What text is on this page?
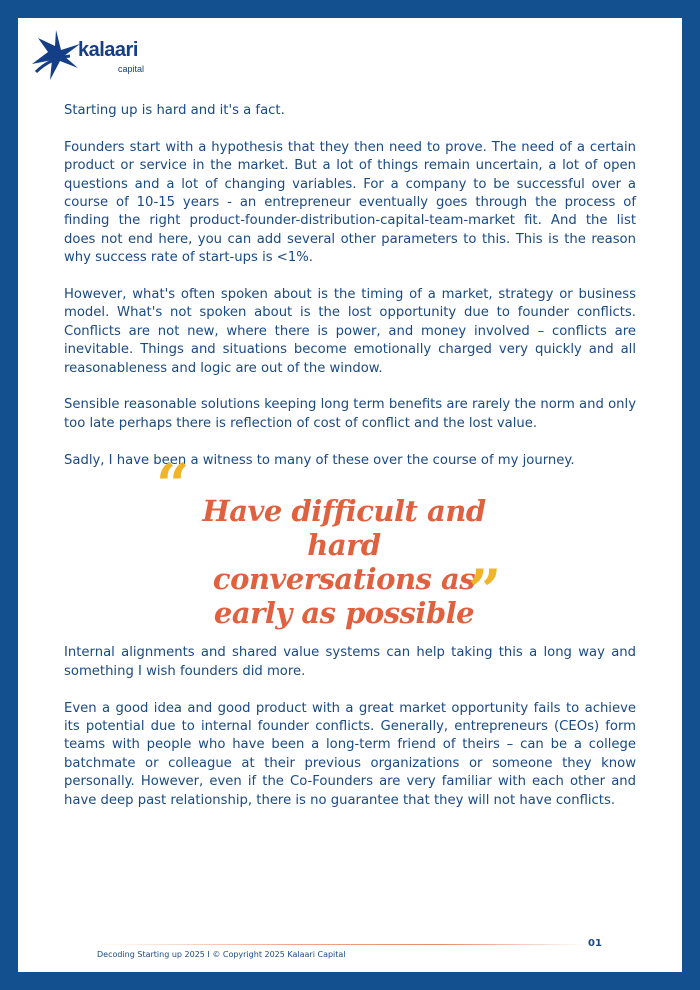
kalaari
capital

Starting up is hard and it's a fact.

Founders start with a hypothesis that they then need to prove. The need of a certain product or service in the market. But a lot of things remain uncertain, a lot of open questions and a lot of changing variables. For a company to be successful over a course of 10-15 years - an entrepreneur eventually goes through the process of finding the right product-founder-distribution-capital-team-market fit. And the list does not end here, you can add several other parameters to this. This is the reason why success rate of start-ups is <1%.

However, what's often spoken about is the timing of a market, strategy or business model. What's not spoken about is the lost opportunity due to founder conflicts. Conflicts are not new, where there is power, and money involved – conflicts are inevitable. Things and situations become emotionally charged very quickly and all reasonableness and logic are out of the window.

Sensible reasonable solutions keeping long term benefits are rarely the norm and only too late perhaps there is reflection of cost of conflict and the lost value.

Sadly, I have been a witness to many of these over the course of my journey.

“ Have difficult and hard conversations as early as possible
”

Internal alignments and shared value systems can help taking this a long way and something I wish founders did more.

Even a good idea and good product with a great market opportunity fails to achieve its potential due to internal founder conflicts. Generally, entrepreneurs (CEOs) form teams with people who have been a long-term friend of theirs – can be a college batchmate or colleague at their previous organizations or someone they know personally. However, even if the Co-Founders are very familiar with each other and have deep past relationship, there is no guarantee that they will not have conflicts.

Decoding Starting up 2025 I © Copyright 2025 Kalaari Capital
01
